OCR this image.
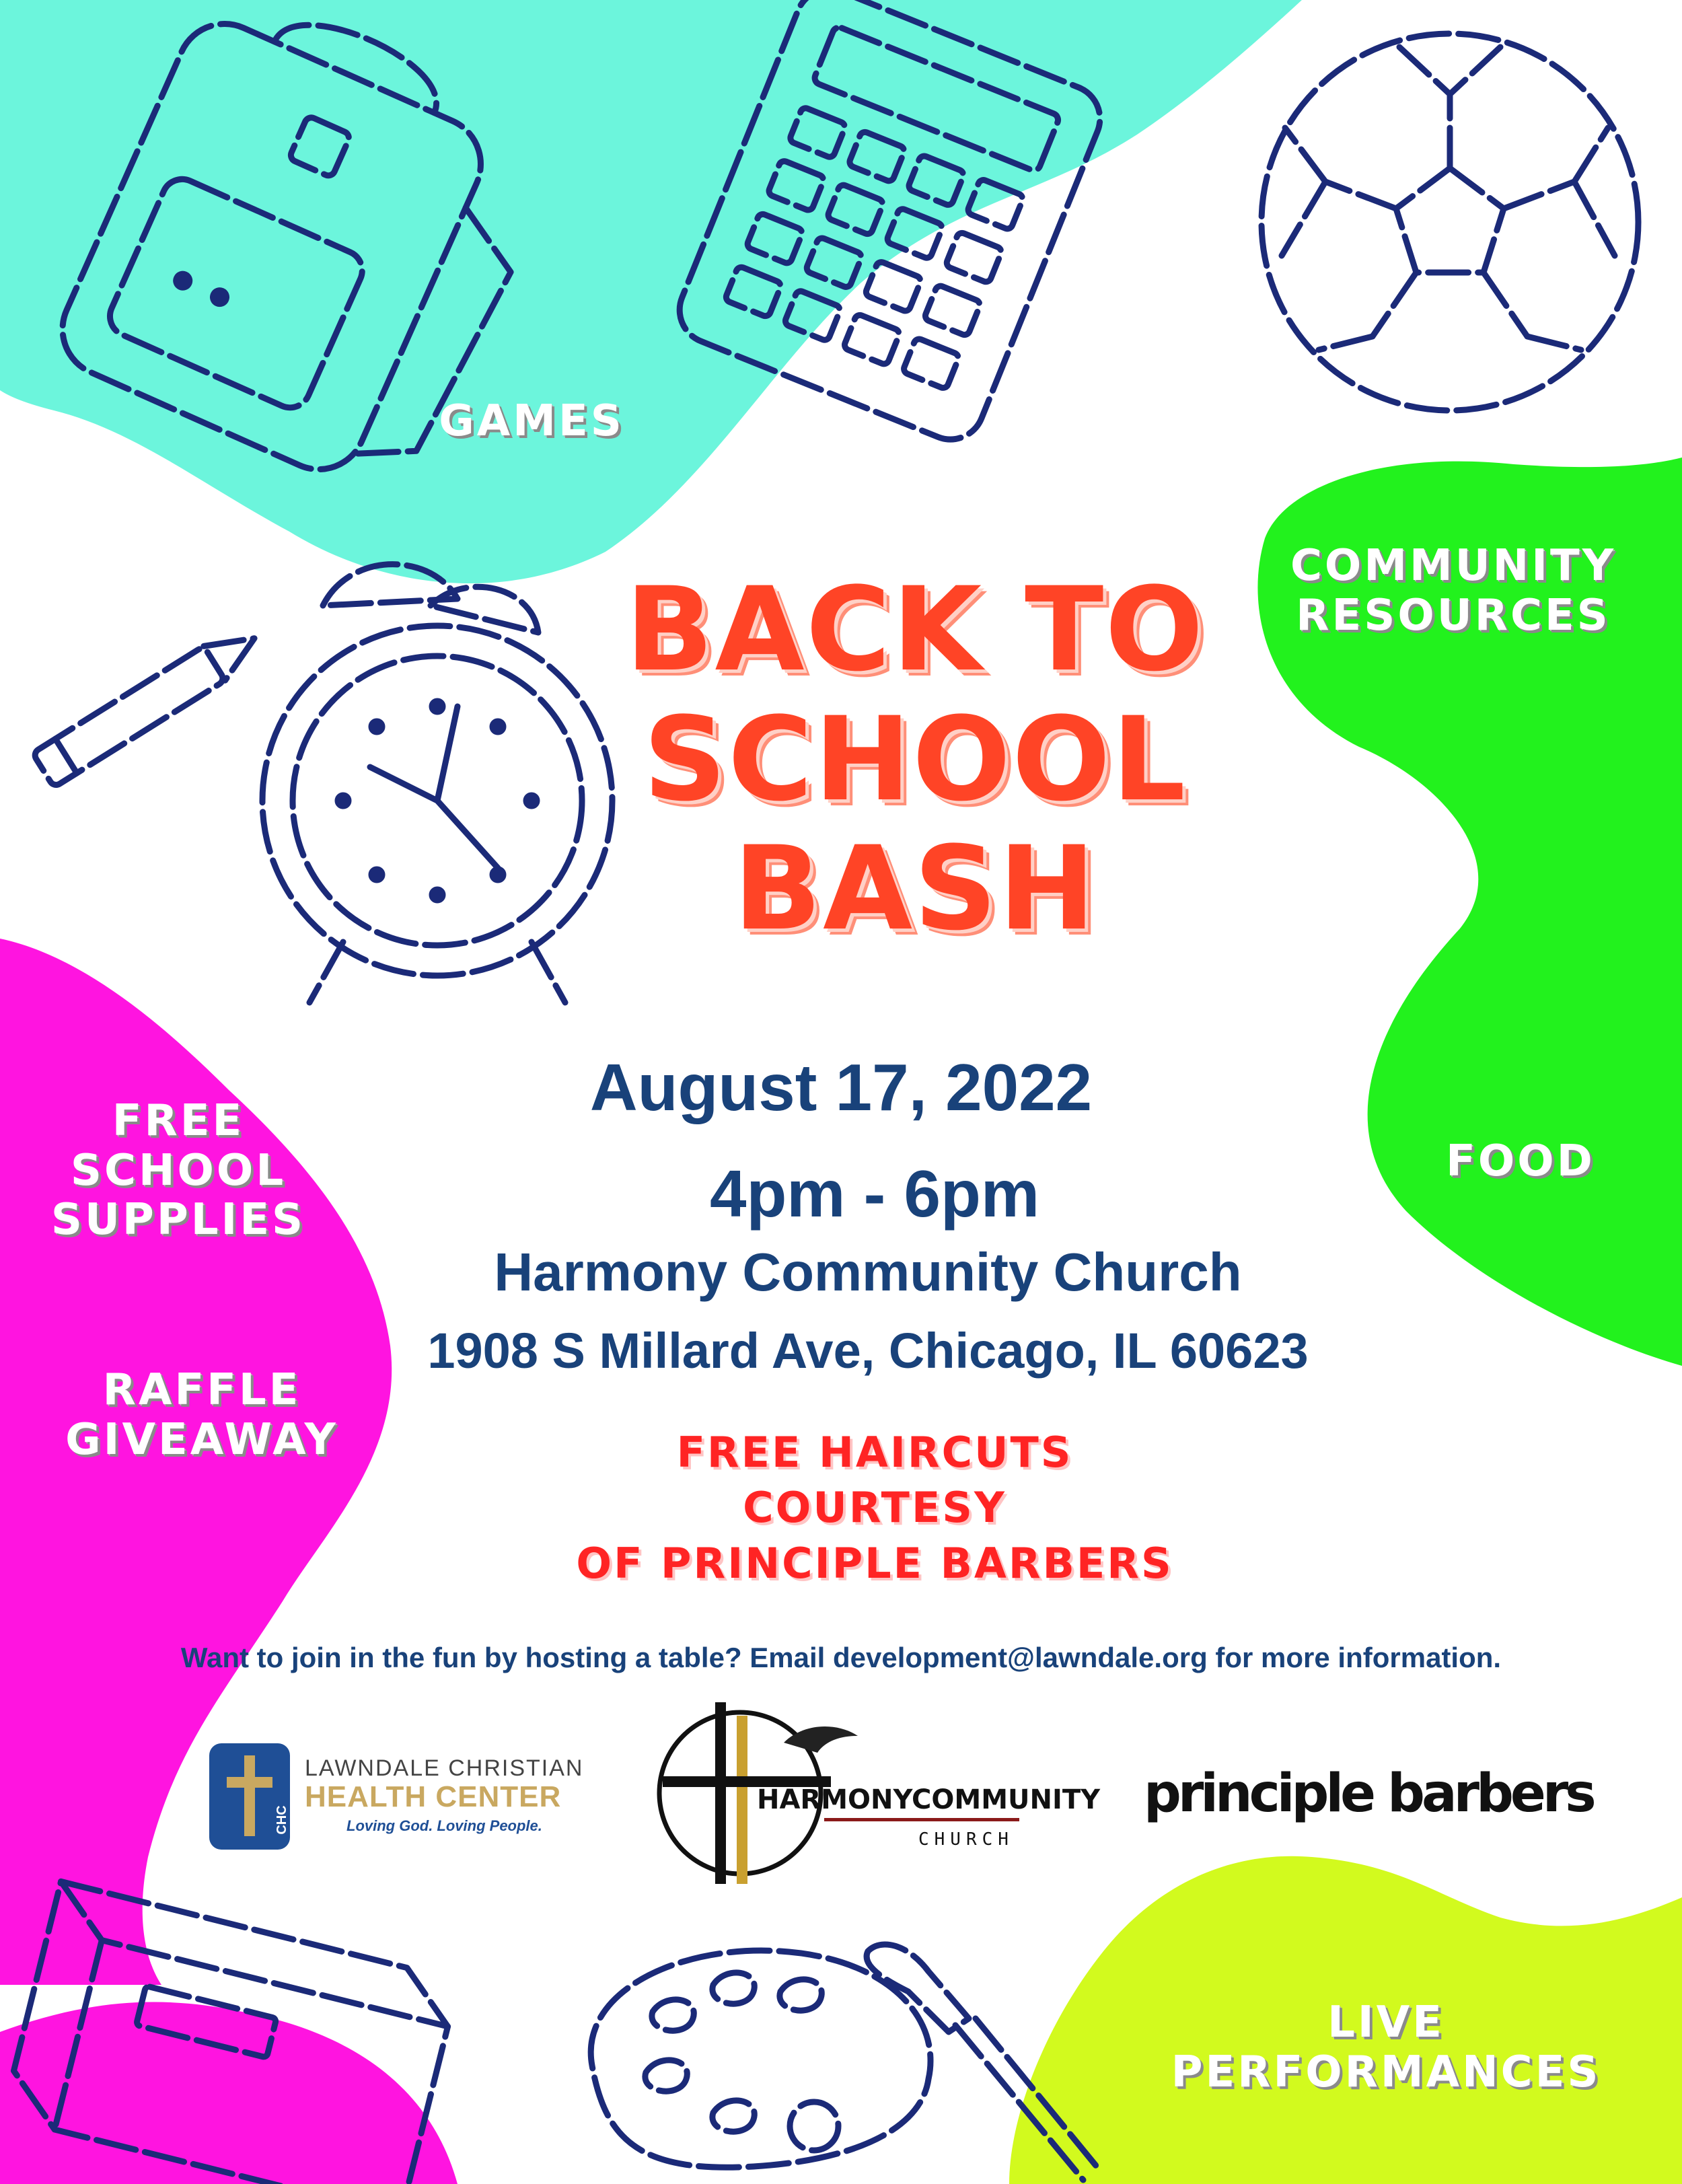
GAMES
COMMUNITY
RESOURCES
FOOD
FREE
SCHOOL
SUPPLIES
RAFFLE
GIVEAWAY
LIVE
PERFORMANCES
BACK TO
SCHOOL
BASH
August 17, 2022
4pm - 6pm
Harmony Community Church
1908 S Millard Ave, Chicago, IL 60623
FREE HAIRCUTS
COURTESY
OF PRINCIPLE BARBERS
Want to join in the fun by hosting a table? Email development@lawndale.org for more information.
CHC
LAWNDALE CHRISTIAN
HEALTH CENTER
Loving God. Loving People.
HARMONYCOMMUNITY
CHURCH
principle barbers
